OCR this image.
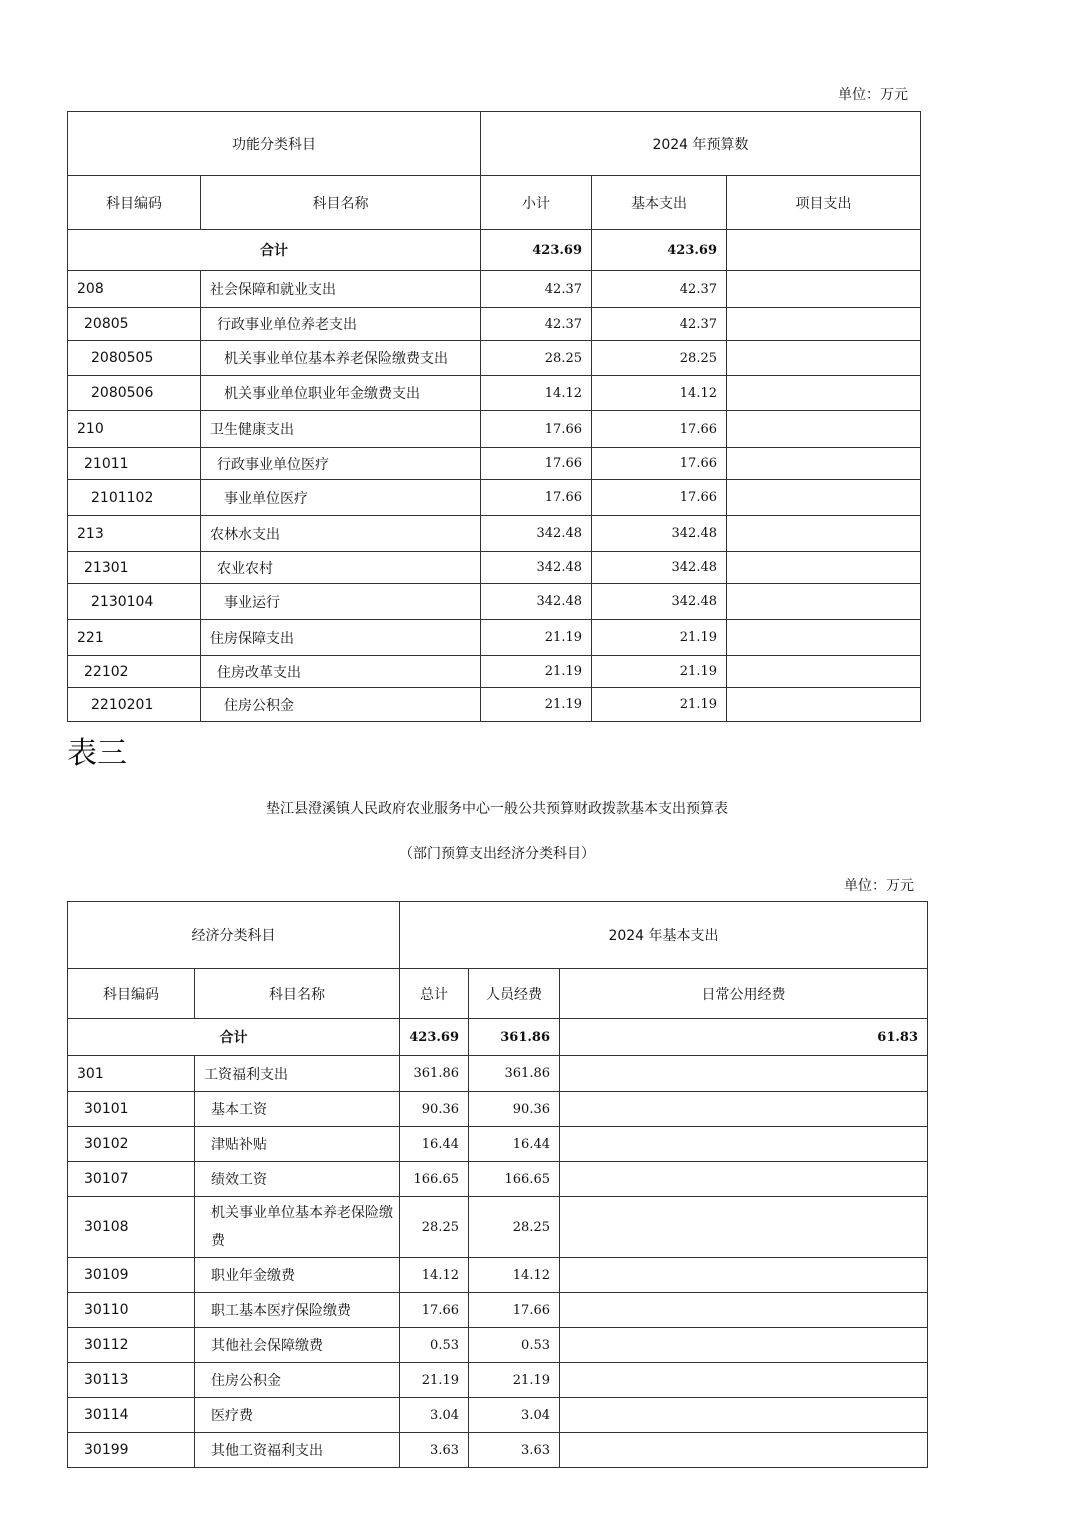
单位：万元
功能分类科目		2024 年预算数		
科目编码	科目名称	小计	基本支出	项目支出
合计		423.69	423.69	
208	社会保障和就业支出	42.37	42.37	
20805	行政事业单位养老支出	42.37	42.37	
2080505	机关事业单位基本养老保险缴费支出	28.25	28.25	
2080506	机关事业单位职业年金缴费支出	14.12	14.12	
210	卫生健康支出	17.66	17.66	
21011	行政事业单位医疗	17.66	17.66	
2101102	事业单位医疗	17.66	17.66	
213	农林水支出	342.48	342.48	
21301	农业农村	342.48	342.48	
2130104	事业运行	342.48	342.48	
221	住房保障支出	21.19	21.19	
22102	住房改革支出	21.19	21.19	
2210201	住房公积金	21.19	21.19	
表三
垫江县澄溪镇人民政府农业服务中心一般公共预算财政拨款基本支出预算表
（部门预算支出经济分类科目）
单位：万元
经济分类科目		2024 年基本支出		
科目编码	科目名称	总计	人员经费	日常公用经费
合计		423.69	361.86	61.83
301	工资福利支出	361.86	361.86	
30101	基本工资	90.36	90.36	
30102	津贴补贴	16.44	16.44	
30107	绩效工资	166.65	166.65	
30108	机关事业单位基本养老保险缴费	28.25	28.25	
30109	职业年金缴费	14.12	14.12	
30110	职工基本医疗保险缴费	17.66	17.66	
30112	其他社会保障缴费	0.53	0.53	
30113	住房公积金	21.19	21.19	
30114	医疗费	3.04	3.04	
30199	其他工资福利支出	3.63	3.63	
